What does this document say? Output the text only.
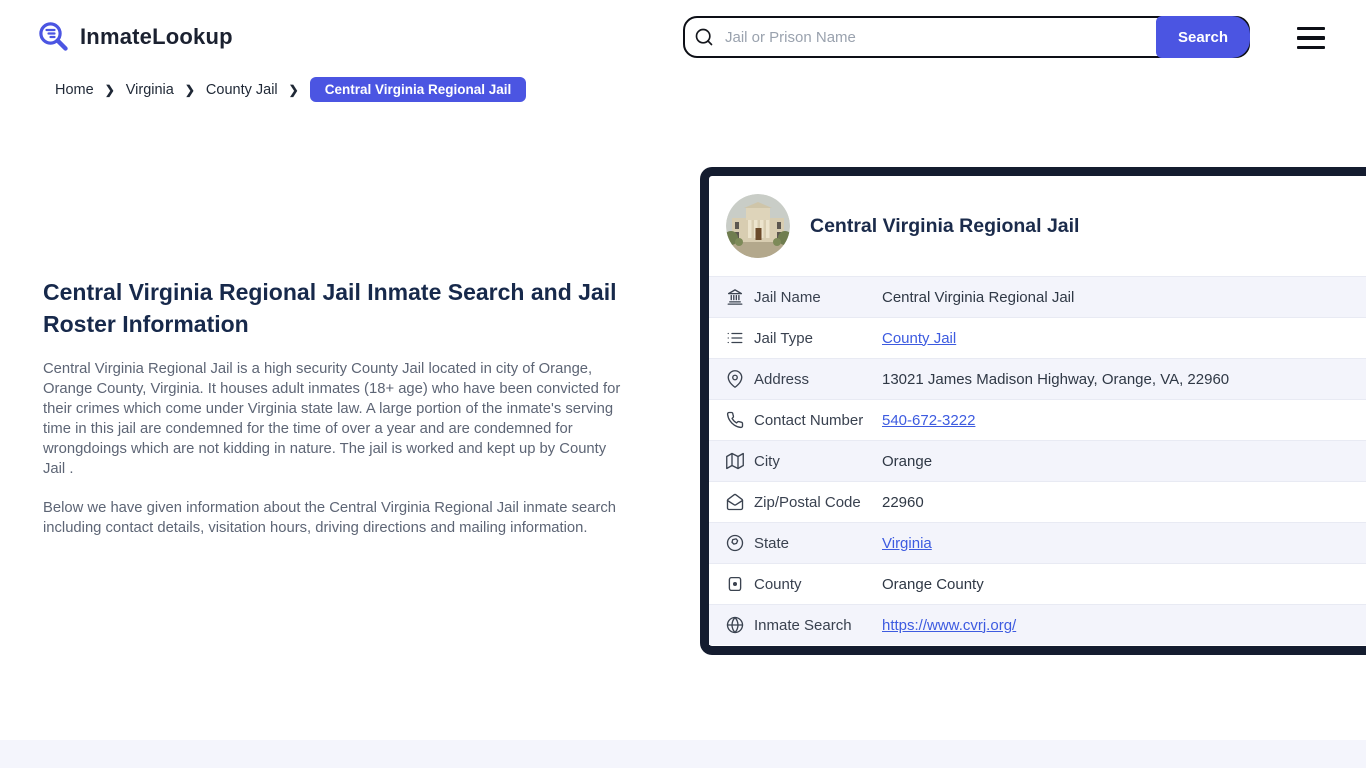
InmateLookup
Jail or Prison Name	Search
Home ❯ Virginia ❯ County Jail ❯	Central Virginia Regional Jail
Central Virginia Regional Jail Inmate Search and Jail Roster Information

Central Virginia Regional Jail is a high security County Jail located in city of Orange, Orange County, Virginia. It houses adult inmates (18+ age) who have been convicted for their crimes which come under Virginia state law. A large portion of the inmate's serving time in this jail are condemned for the time of over a year and are condemned for wrongdoings which are not kidding in nature. The jail is worked and kept up by County Jail .

Below we have given information about the Central Virginia Regional Jail inmate search including contact details, visitation hours, driving directions and mailing information.

Central Virginia Regional Jail
Jail Name	Central Virginia Regional Jail
Jail Type	County Jail
Address	13021 James Madison Highway, Orange, VA, 22960
Contact Number	540-672-3222
City	Orange
Zip/Postal Code	22960
State	Virginia
County	Orange County
Inmate Search	https://www.cvrj.org/
